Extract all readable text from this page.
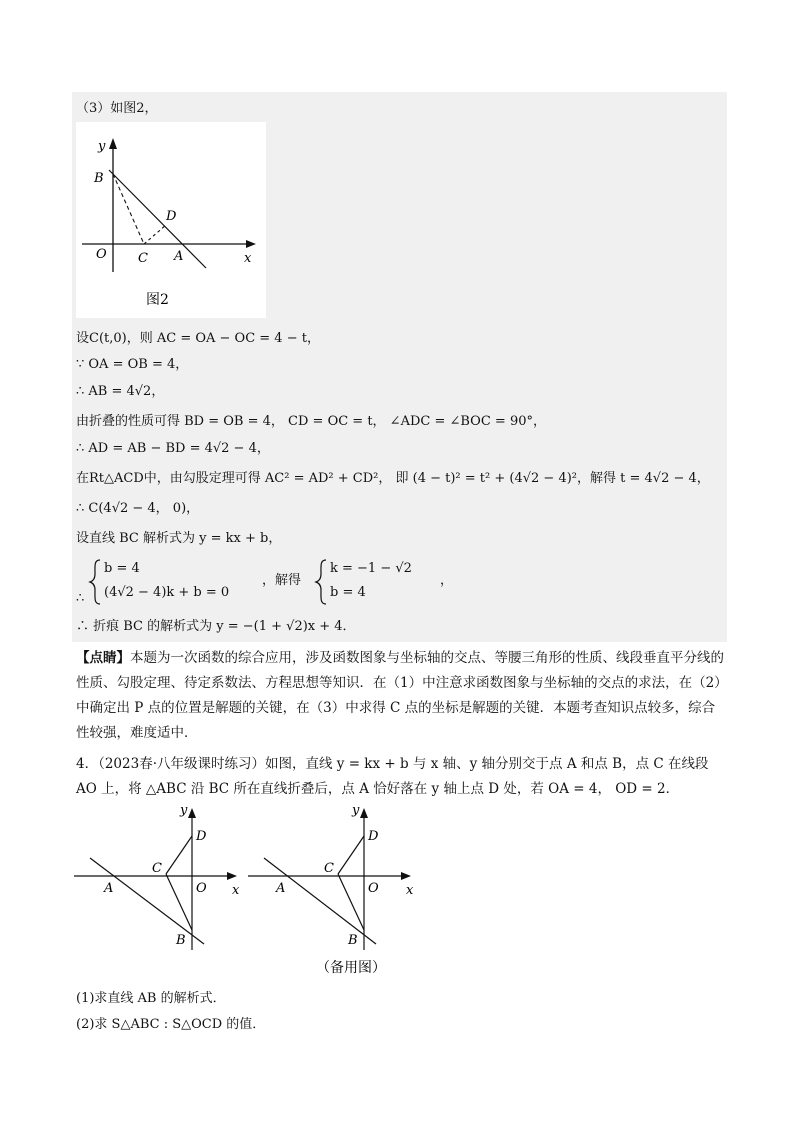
（3）如图2，
y
x
O
B
C A
D
图2
设C(t,0)，则 AC = OA − OC = 4 − t，
∵ OA = OB = 4，
∴ AB = 4√2，
由折叠的性质可得 BD = OB = 4， CD = OC = t， ∠ADC = ∠BOC = 90°，
∴ AD = AB − BD = 4√2 − 4，
在Rt△ACD中，由勾股定理可得 AC² = AD² + CD²， 即 (4 − t)² = t² + (4√2 − 4)²，解得 t = 4√2 − 4，
∴ C(4√2 − 4， 0)，
设直线 BC 解析式为 y = kx + b，
∴
b = 4
(4√2 − 4)k + b = 0
，解得
k = −1 − √2
b = 4
，
∴ 折痕 BC 的解析式为 y = −(1 + √2)x + 4．
【点睛】本题为一次函数的综合应用，涉及函数图象与坐标轴的交点、等腰三角形的性质、线段垂直平分线的性质、勾股定理、待定系数法、方程思想等知识．在（1）中注意求函数图象与坐标轴的交点的求法，在（2）中确定出 P 点的位置是解题的关键，在（3）中求得 C 点的坐标是解题的关键．本题考查知识点较多，综合性较强，难度适中．
4．（2023春·八年级课时练习）如图，直线 y = kx + b 与 x 轴、y 轴分别交于点 A 和点 B，点 C 在线段 AO 上，将 △ABC 沿 BC 所在直线折叠后，点 A 恰好落在 y 轴上点 D 处，若 OA = 4， OD = 2．
y
x
O
A
B
C
D
y
x
O
A
B
C
D
（备用图）
(1)求直线 AB 的解析式．
(2)求 S△ABC : S△OCD 的值．
